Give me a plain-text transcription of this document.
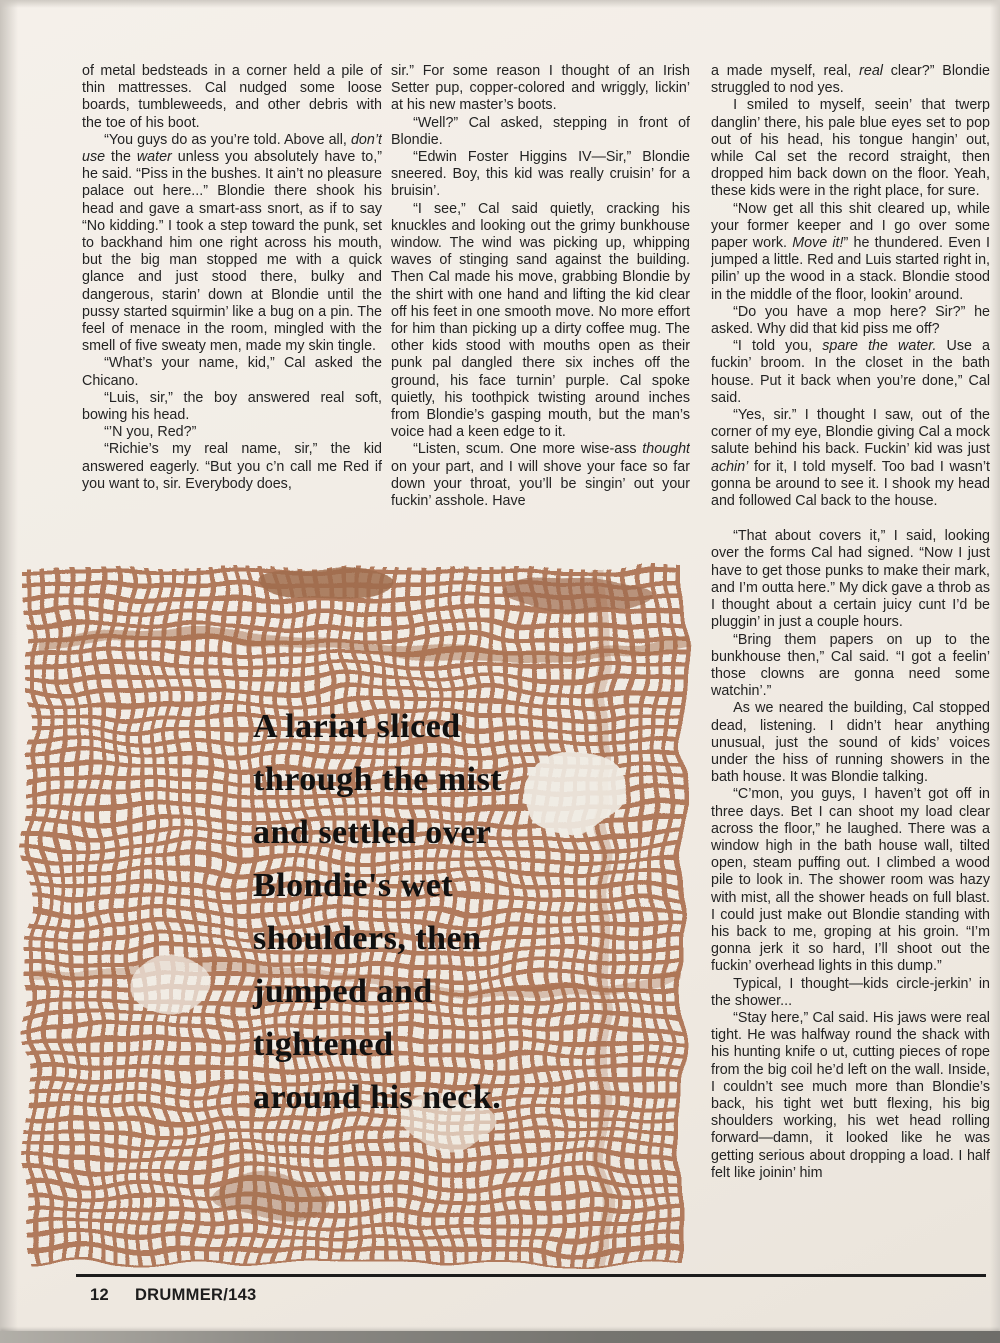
A lariat sliced
through the mist
and settled over
Blondie's wet
shoulders, then
jumped and
tightened
around his neck.

of metal bedsteads in a corner held a pile of thin mattresses. Cal nudged some loose boards, tumbleweeds, and other debris with the toe of his boot.

“You guys do as you’re told. Above all, don’t use the water unless you absolutely have to,” he said. “Piss in the bushes. It ain’t no pleasure palace out here...” Blondie there shook his head and gave a smart-ass snort, as if to say “No kidding.” I took a step toward the punk, set to backhand him one right across his mouth, but the big man stopped me with a quick glance and just stood there, bulky and dangerous, starin’ down at Blondie until the pussy started squirmin’ like a bug on a pin. The feel of menace in the room, mingled with the smell of five sweaty men, made my skin tingle.

“What’s your name, kid,” Cal asked the Chicano.

“Luis, sir,” the boy answered real soft, bowing his head.

“’N you, Red?”

“Richie’s my real name, sir,” the kid answered eagerly. “But you c’n call me Red if you want to, sir. Everybody does,

sir.” For some reason I thought of an Irish Setter pup, copper-colored and wriggly, lickin’ at his new master’s boots.

“Well?” Cal asked, stepping in front of Blondie.

“Edwin Foster Higgins IV—Sir,” Blondie sneered. Boy, this kid was really cruisin’ for a bruisin’.

“I see,” Cal said quietly, cracking his knuckles and looking out the grimy bunkhouse window. The wind was picking up, whipping waves of stinging sand against the building. Then Cal made his move, grabbing Blondie by the shirt with one hand and lifting the kid clear off his feet in one smooth move. No more effort for him than picking up a dirty coffee mug. The other kids stood with mouths open as their punk pal dangled there six inches off the ground, his face turnin’ purple. Cal spoke quietly, his toothpick twisting around inches from Blondie’s gasping mouth, but the man’s voice had a keen edge to it.

“Listen, scum. One more wise-ass thought on your part, and I will shove your face so far down your throat, you’ll be singin’ out your fuckin’ asshole. Have

a made myself, real, real clear?” Blondie struggled to nod yes.

I smiled to myself, seein’ that twerp danglin’ there, his pale blue eyes set to pop out of his head, his tongue hangin’ out, while Cal set the record straight, then dropped him back down on the floor. Yeah, these kids were in the right place, for sure.

“Now get all this shit cleared up, while your former keeper and I go over some paper work. Move it!” he thundered. Even I jumped a little. Red and Luis started right in, pilin’ up the wood in a stack. Blondie stood in the middle of the floor, lookin’ around.

“Do you have a mop here? Sir?” he asked. Why did that kid piss me off?

“I told you, spare the water. Use a fuckin’ broom. In the closet in the bath house. Put it back when you’re done,” Cal said.

“Yes, sir.” I thought I saw, out of the corner of my eye, Blondie giving Cal a mock salute behind his back. Fuckin’ kid was just achin’ for it, I told myself. Too bad I wasn’t gonna be around to see it. I shook my head and followed Cal back to the house.

“That about covers it,” I said, looking over the forms Cal had signed. “Now I just have to get those punks to make their mark, and I’m outta here.” My dick gave a throb as I thought about a certain juicy cunt I’d be pluggin’ in just a couple hours.

“Bring them papers on up to the bunkhouse then,” Cal said. “I got a feelin’ those clowns are gonna need some watchin’.”

As we neared the building, Cal stopped dead, listening. I didn’t hear anything unusual, just the sound of kids’ voices under the hiss of running showers in the bath house. It was Blondie talking.

“C’mon, you guys, I haven’t got off in three days. Bet I can shoot my load clear across the floor,” he laughed. There was a window high in the bath house wall, tilted open, steam puffing out. I climbed a wood pile to look in. The shower room was hazy with mist, all the shower heads on full blast. I could just make out Blondie standing with his back to me, groping at his groin. “I’m gonna jerk it so hard, I’ll shoot out the fuckin’ overhead lights in this dump.”

Typical, I thought—kids circle-jerkin’ in the shower...

“Stay here,” Cal said. His jaws were real tight. He was halfway round the shack with his hunting knife o ut, cutting pieces of rope from the big coil he’d left on the wall. Inside, I couldn’t see much more than Blondie’s back, his tight wet butt flexing, his big shoulders working, his wet head rolling forward—damn, it looked like he was getting serious about dropping a load. I half felt like joinin’ him

12 DRUMMER/143
